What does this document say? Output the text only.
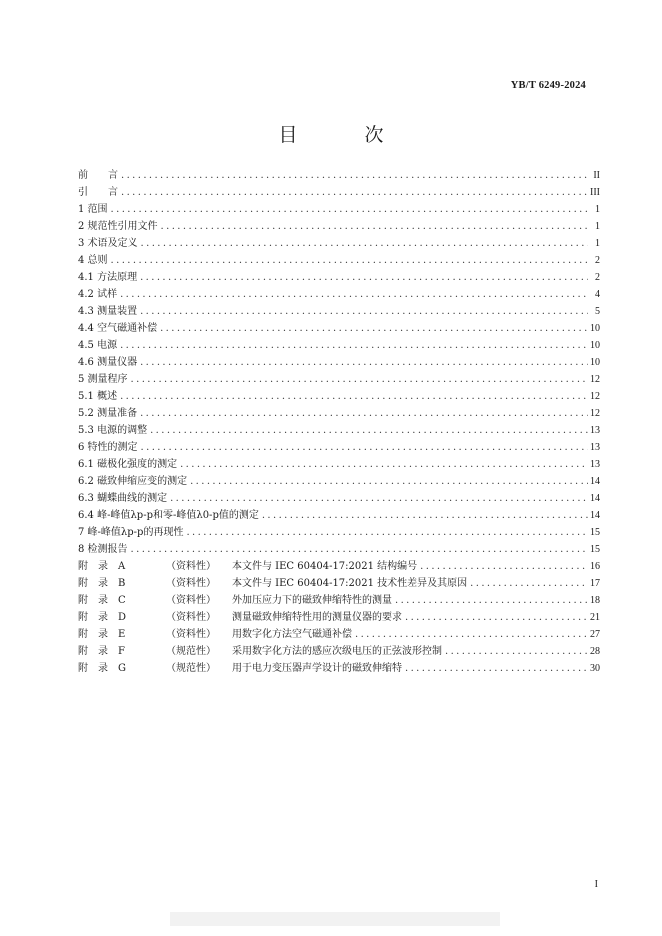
YB/T 6249-2024
目　次
前　　言 .....	II
引　　言 .....	III
1 范围 .....	1
2 规范性引用文件 .....	1
3 术语及定义 .....	1
4 总则 .....	2
4.1 方法原理 .....	2
4.2 试样 .....	4
4.3 测量装置 .....	5
4.4 空气磁通补偿 .....	10
4.5 电源 .....	10
4.6 测量仪器 .....	10
5 测量程序 .....	12
5.1 概述 .....	12
5.2 测量准备 .....	12
5.3 电源的调整 .....	13
6 特性的测定 .....	13
6.1 磁极化强度的测定 .....	13
6.2 磁致伸缩应变的测定 .....	14
6.3 蝴蝶曲线的测定 .....	14
6.4 峰-峰值λp-p和零-峰值λ0-p值的测定 .....	14
7 峰-峰值λp-p的再现性 .....	15
8 检测报告 .....	15
附　录　A	（资料性） 本文件与 IEC 60404-17:2021 结构编号 .....	16
附　录　B	（资料性） 本文件与 IEC 60404-17:2021 技术性差异及其原因 .....	17
附　录　C	（资料性） 外加压应力下的磁致伸缩特性的测量 .....	18
附　录　D	（资料性） 测量磁致伸缩特性用的测量仪器的要求 .....	21
附　录　E	（资料性） 用数字化方法空气磁通补偿 .....	27
附　录　F	（规范性） 采用数字化方法的感应次级电压的正弦波形控制 .....	28
附　录　G	（规范性） 用于电力变压器声学设计的磁致伸缩特 .....	30
I
